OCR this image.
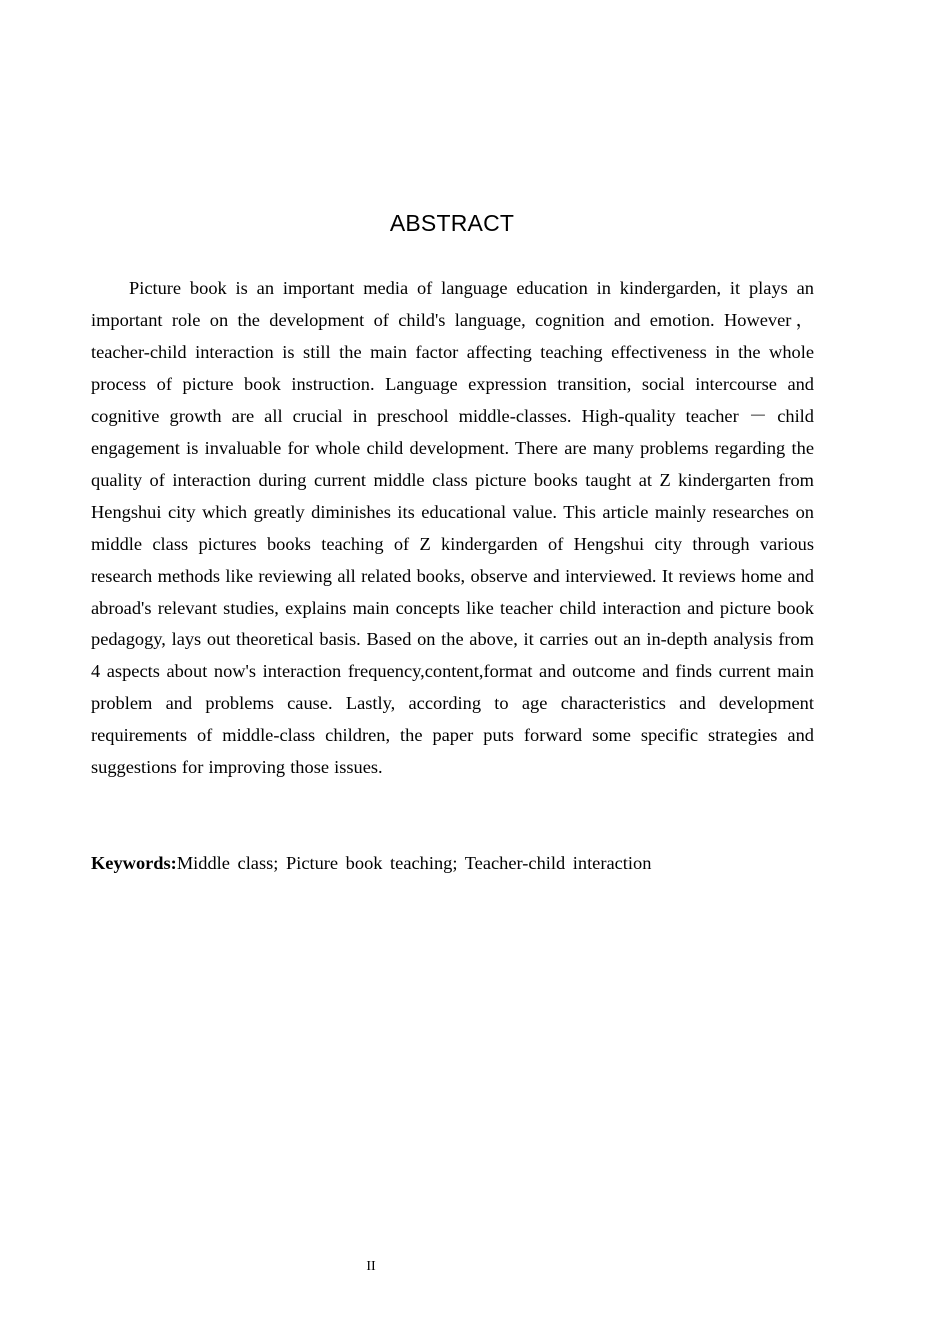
ABSTRACT

Picture book is an important media of language education in kindergarden, it plays an important role on the development of child's language, cognition and emotion. However， teacher-child interaction is still the main factor affecting teaching effectiveness in the whole process of picture book instruction. Language expression transition, social intercourse and cognitive growth are all crucial in preschool middle-classes. High-quality teacher － child engagement is invaluable for whole child development. There are many problems regarding the quality of interaction during current middle class picture books taught at Z kindergarten from Hengshui city which greatly diminishes its educational value. This article mainly researches on middle class pictures books teaching of Z kindergarden of Hengshui city through various research methods like reviewing all related books, observe and interviewed. It reviews home and abroad's relevant studies, explains main concepts like teacher child interaction and picture book pedagogy, lays out theoretical basis. Based on the above, it carries out an in-depth analysis from 4 aspects about now's interaction frequency,content,format and outcome and finds current main problem and problems cause. Lastly, according to age characteristics and development requirements of middle-class children, the paper puts forward some specific strategies and suggestions for improving those issues.

Keywords:Middle class; Picture book teaching; Teacher-child interaction

II
